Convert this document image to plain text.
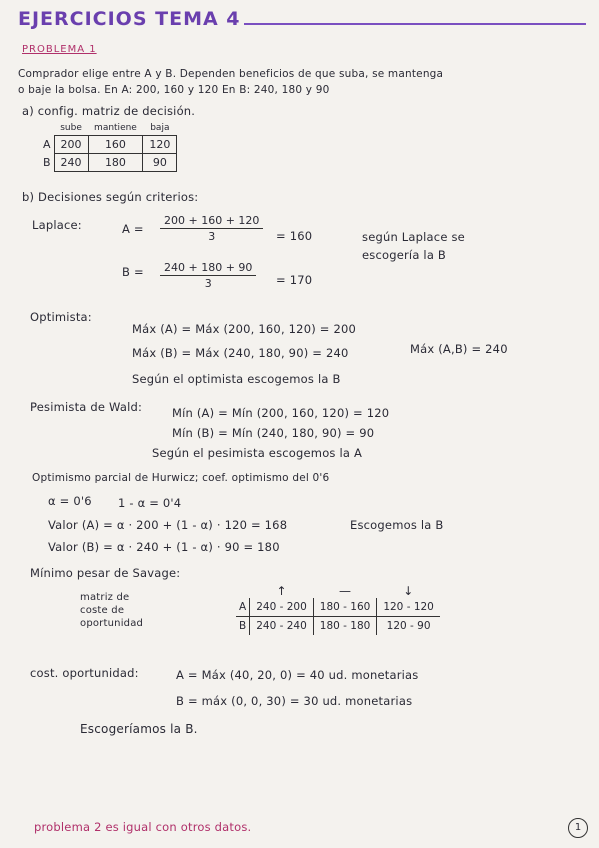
EJERCICIOS TEMA 4
PROBLEMA 1
Comprador elige entre A y B. Dependen beneficios de que suba, se mantenga
o baje la bolsa. En A: 200, 160 y 120 En B: 240, 180 y 90
a) config. matriz de decisión.
	sube	mantiene	baja
A	200	160	120
B	240	180	90
b) Decisiones según criterios:
Laplace:	$A = \frac{200 + 160 + 120}{3} = 160$	según Laplace se
escogería la B
$B = \frac{240 + 180 + 90}{3} = 170$
Optimista:
Máx (A) = Máx (200, 160, 120) = 200
Máx (B) = Máx (240, 180, 90) = 240	Máx (A,B) = 240
Según el optimista escogemos la B
Pesimista de Wald:	Mín (A) = Mín (200, 160, 120) = 120
Mín (B) = Mín (240, 180, 90) = 90
Según el pesimista escogemos la A
Optimismo parcial de Hurwicz; coef. optimismo del 0'6
α = 0'6 1 - α = 0'4
Valor (A) = α · 200 + (1 - α) · 120 = 168	Escogemos la B
Valor (B) = α · 240 + (1 - α) · 90 = 180
Mínimo pesar de Savage:
matriz de
coste de
oportunidad
	↑	—	↓
A	240 - 200	180 - 160	120 - 120
B	240 - 240	180 - 180	120 - 90
cost. oportunidad:	A = Máx (40, 20, 0) = 40 ud. monetarias
B = máx (0, 0, 30) = 30 ud. monetarias
Escogeríamos la B.
problema 2 es igual con otros datos.	1
